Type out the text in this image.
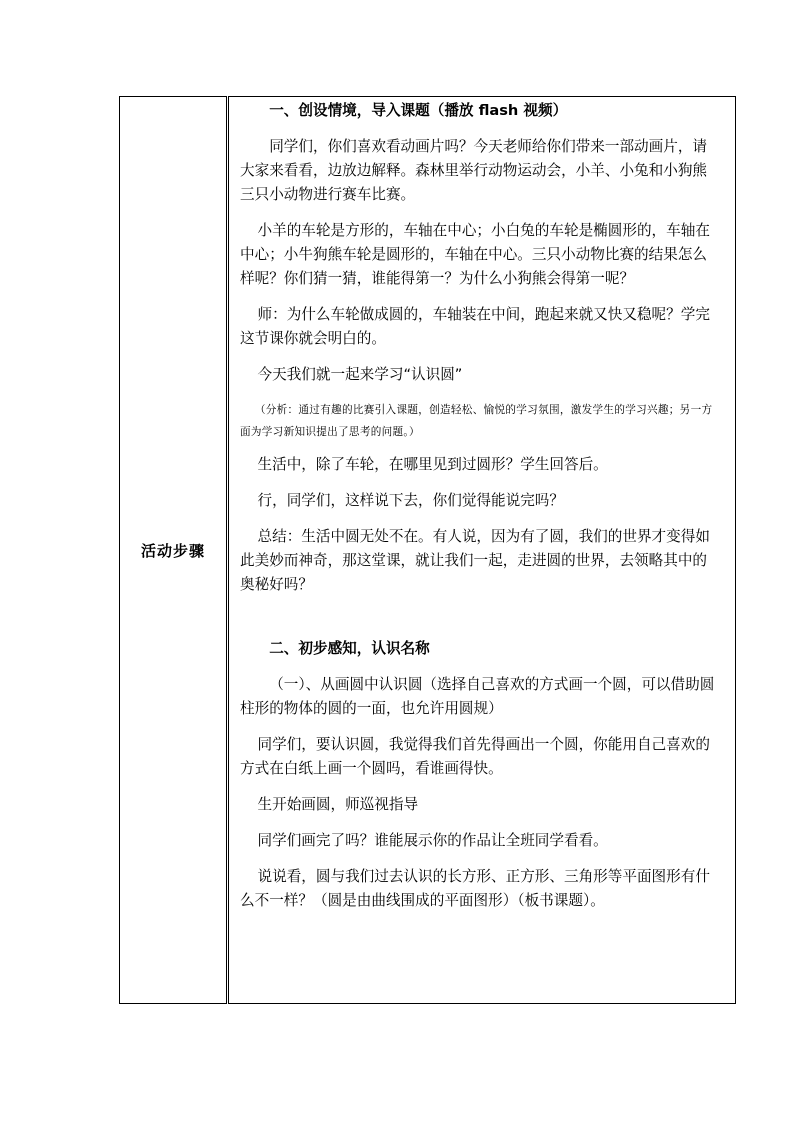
活动步骤	
一、创设情境，导入课题（播放 flash 视频）
同学们，你们喜欢看动画片吗？今天老师给你们带来一部动画片，请大家来看看，边放边解释。森林里举行动物运动会，小羊、小兔和小狗熊三只小动物进行赛车比赛。
小羊的车轮是方形的，车轴在中心；小白兔的车轮是椭圆形的，车轴在中心；小牛狗熊车轮是圆形的，车轴在中心。三只小动物比赛的结果怎么样呢？你们猜一猜，谁能得第一？为什么小狗熊会得第一呢？
师：为什么车轮做成圆的，车轴装在中间，跑起来就又快又稳呢？学完这节课你就会明白的。
今天我们就一起来学习“认识圆”
（分析：通过有趣的比赛引入课题，创造轻松、愉悦的学习氛围，激发学生的学习兴趣；另一方面为学习新知识提出了思考的问题。）
生活中，除了车轮，在哪里见到过圆形？学生回答后。
行，同学们，这样说下去，你们觉得能说完吗？
总结：生活中圆无处不在。有人说，因为有了圆，我们的世界才变得如此美妙而神奇，那这堂课，就让我们一起，走进圆的世界，去领略其中的奥秘好吗？
二、初步感知，认识名称
（一）、从画圆中认识圆（选择自己喜欢的方式画一个圆，可以借助圆柱形的物体的圆的一面，也允许用圆规）
同学们，要认识圆，我觉得我们首先得画出一个圆，你能用自己喜欢的方式在白纸上画一个圆吗，看谁画得快。
生开始画圆，师巡视指导
同学们画完了吗？谁能展示你的作品让全班同学看看。
说说看，圆与我们过去认识的长方形、正方形、三角形等平面图形有什么不一样？（圆是由曲线围成的平面图形）（板书课题）。
